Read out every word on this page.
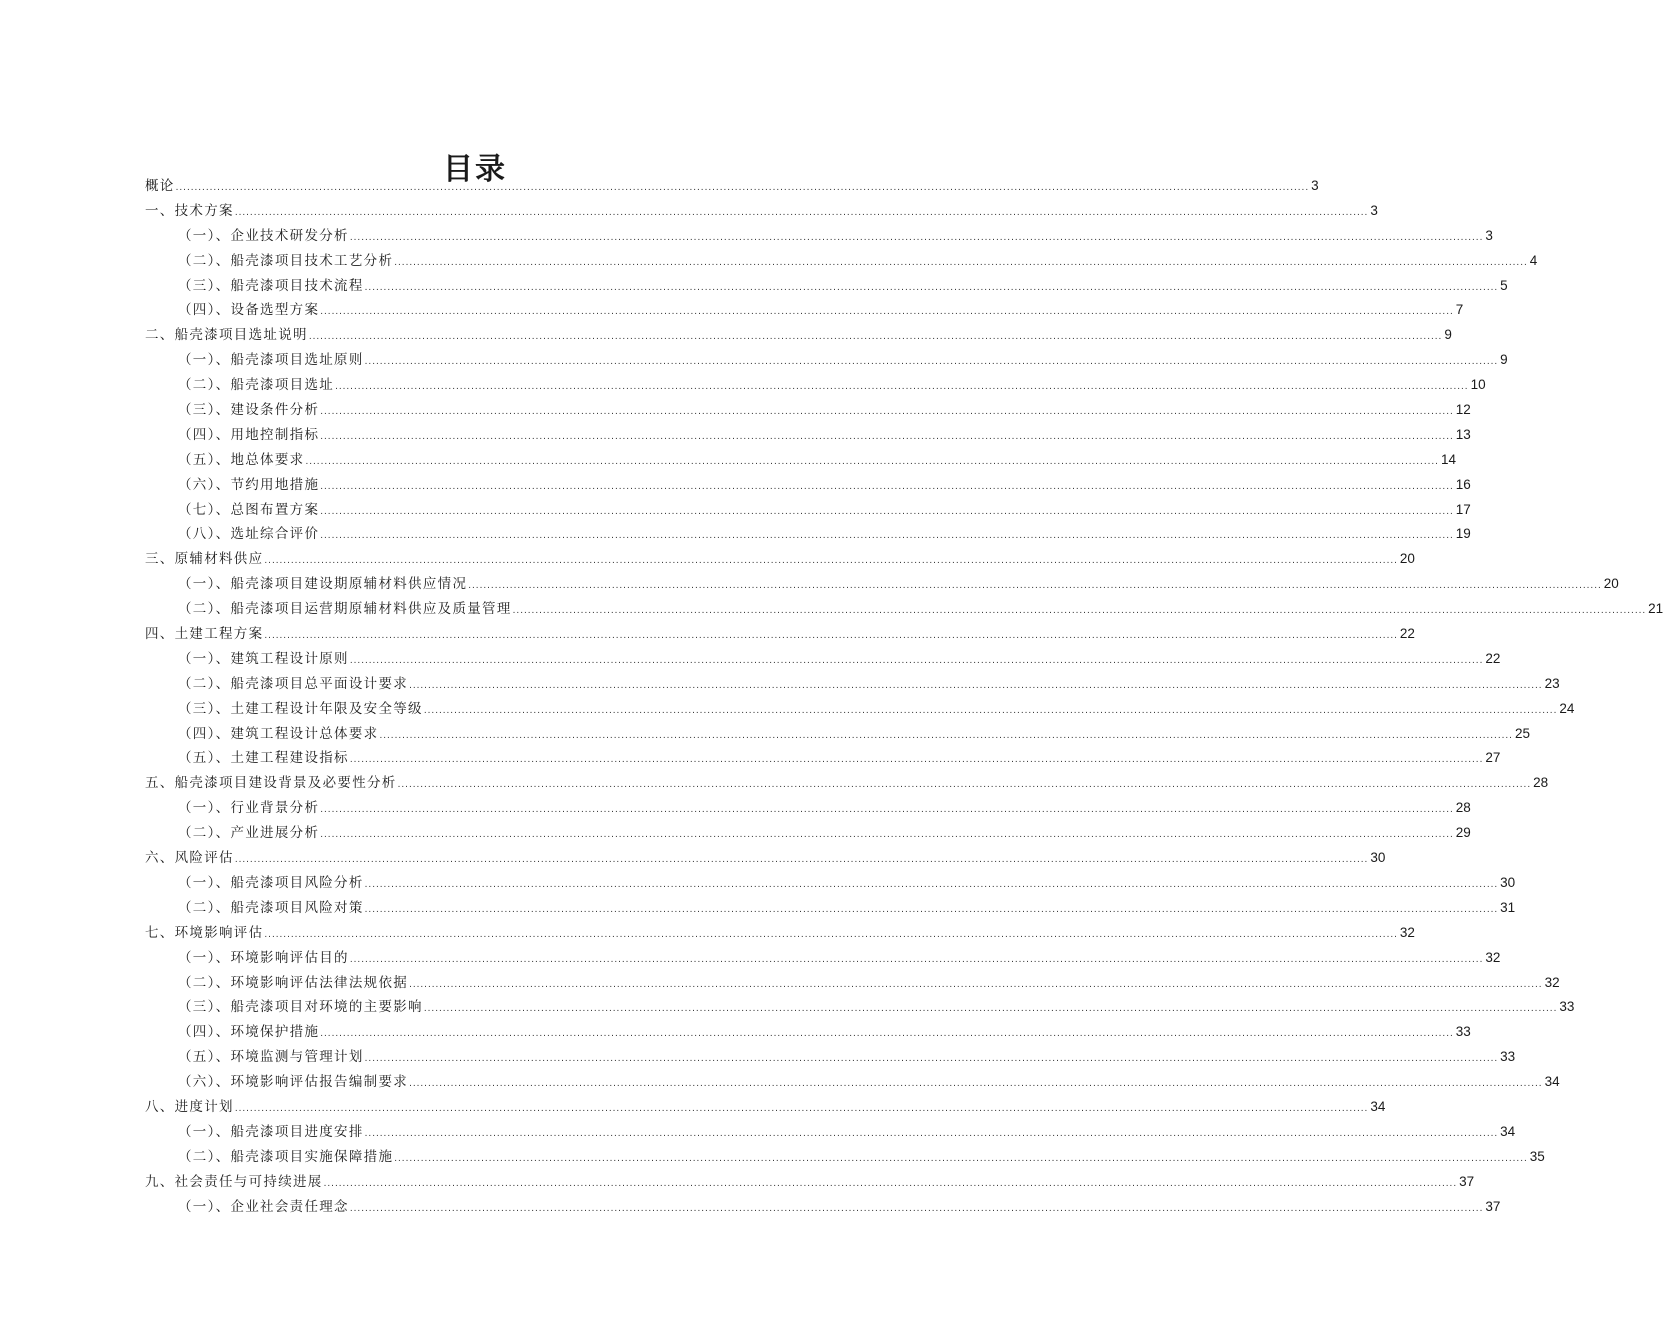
目录
概论 ............................................................................................................................................................................................................................................................................................................ 3
一、技术方案 ............................................................................................................................................................................................................................................................................................................ 3
（一）、企业技术研发分析 ............................................................................................................................................................................................................................................................................................................ 3
（二）、船壳漆项目技术工艺分析 ............................................................................................................................................................................................................................................................................................................ 4
（三）、船壳漆项目技术流程 ............................................................................................................................................................................................................................................................................................................ 5
（四）、设备选型方案 ............................................................................................................................................................................................................................................................................................................ 7
二、船壳漆项目选址说明 ............................................................................................................................................................................................................................................................................................................ 9
（一）、船壳漆项目选址原则 ............................................................................................................................................................................................................................................................................................................ 9
（二）、船壳漆项目选址 ............................................................................................................................................................................................................................................................................................................ 10
（三）、建设条件分析 ............................................................................................................................................................................................................................................................................................................ 12
（四）、用地控制指标 ............................................................................................................................................................................................................................................................................................................ 13
（五）、地总体要求 ............................................................................................................................................................................................................................................................................................................ 14
（六）、节约用地措施 ............................................................................................................................................................................................................................................................................................................ 16
（七）、总图布置方案 ............................................................................................................................................................................................................................................................................................................ 17
（八）、选址综合评价 ............................................................................................................................................................................................................................................................................................................ 19
三、原辅材料供应 ............................................................................................................................................................................................................................................................................................................ 20
（一）、船壳漆项目建设期原辅材料供应情况 ............................................................................................................................................................................................................................................................................................................ 20
（二）、船壳漆项目运营期原辅材料供应及质量管理 ............................................................................................................................................................................................................................................................................................................ 21
四、土建工程方案 ............................................................................................................................................................................................................................................................................................................ 22
（一）、建筑工程设计原则 ............................................................................................................................................................................................................................................................................................................ 22
（二）、船壳漆项目总平面设计要求 ............................................................................................................................................................................................................................................................................................................ 23
（三）、土建工程设计年限及安全等级 ............................................................................................................................................................................................................................................................................................................ 24
（四）、建筑工程设计总体要求 ............................................................................................................................................................................................................................................................................................................ 25
（五）、土建工程建设指标 ............................................................................................................................................................................................................................................................................................................ 27
五、船壳漆项目建设背景及必要性分析 ............................................................................................................................................................................................................................................................................................................ 28
（一）、行业背景分析 ............................................................................................................................................................................................................................................................................................................ 28
（二）、产业进展分析 ............................................................................................................................................................................................................................................................................................................ 29
六、风险评估 ............................................................................................................................................................................................................................................................................................................ 30
（一）、船壳漆项目风险分析 ............................................................................................................................................................................................................................................................................................................ 30
（二）、船壳漆项目风险对策 ............................................................................................................................................................................................................................................................................................................ 31
七、环境影响评估 ............................................................................................................................................................................................................................................................................................................ 32
（一）、环境影响评估目的 ............................................................................................................................................................................................................................................................................................................ 32
（二）、环境影响评估法律法规依据 ............................................................................................................................................................................................................................................................................................................ 32
（三）、船壳漆项目对环境的主要影响 ............................................................................................................................................................................................................................................................................................................ 33
（四）、环境保护措施 ............................................................................................................................................................................................................................................................................................................ 33
（五）、环境监测与管理计划 ............................................................................................................................................................................................................................................................................................................ 33
（六）、环境影响评估报告编制要求 ............................................................................................................................................................................................................................................................................................................ 34
八、进度计划 ............................................................................................................................................................................................................................................................................................................ 34
（一）、船壳漆项目进度安排 ............................................................................................................................................................................................................................................................................................................ 34
（二）、船壳漆项目实施保障措施 ............................................................................................................................................................................................................................................................................................................ 35
九、社会责任与可持续进展 ............................................................................................................................................................................................................................................................................................................ 37
（一）、企业社会责任理念 ............................................................................................................................................................................................................................................................................................................ 37
